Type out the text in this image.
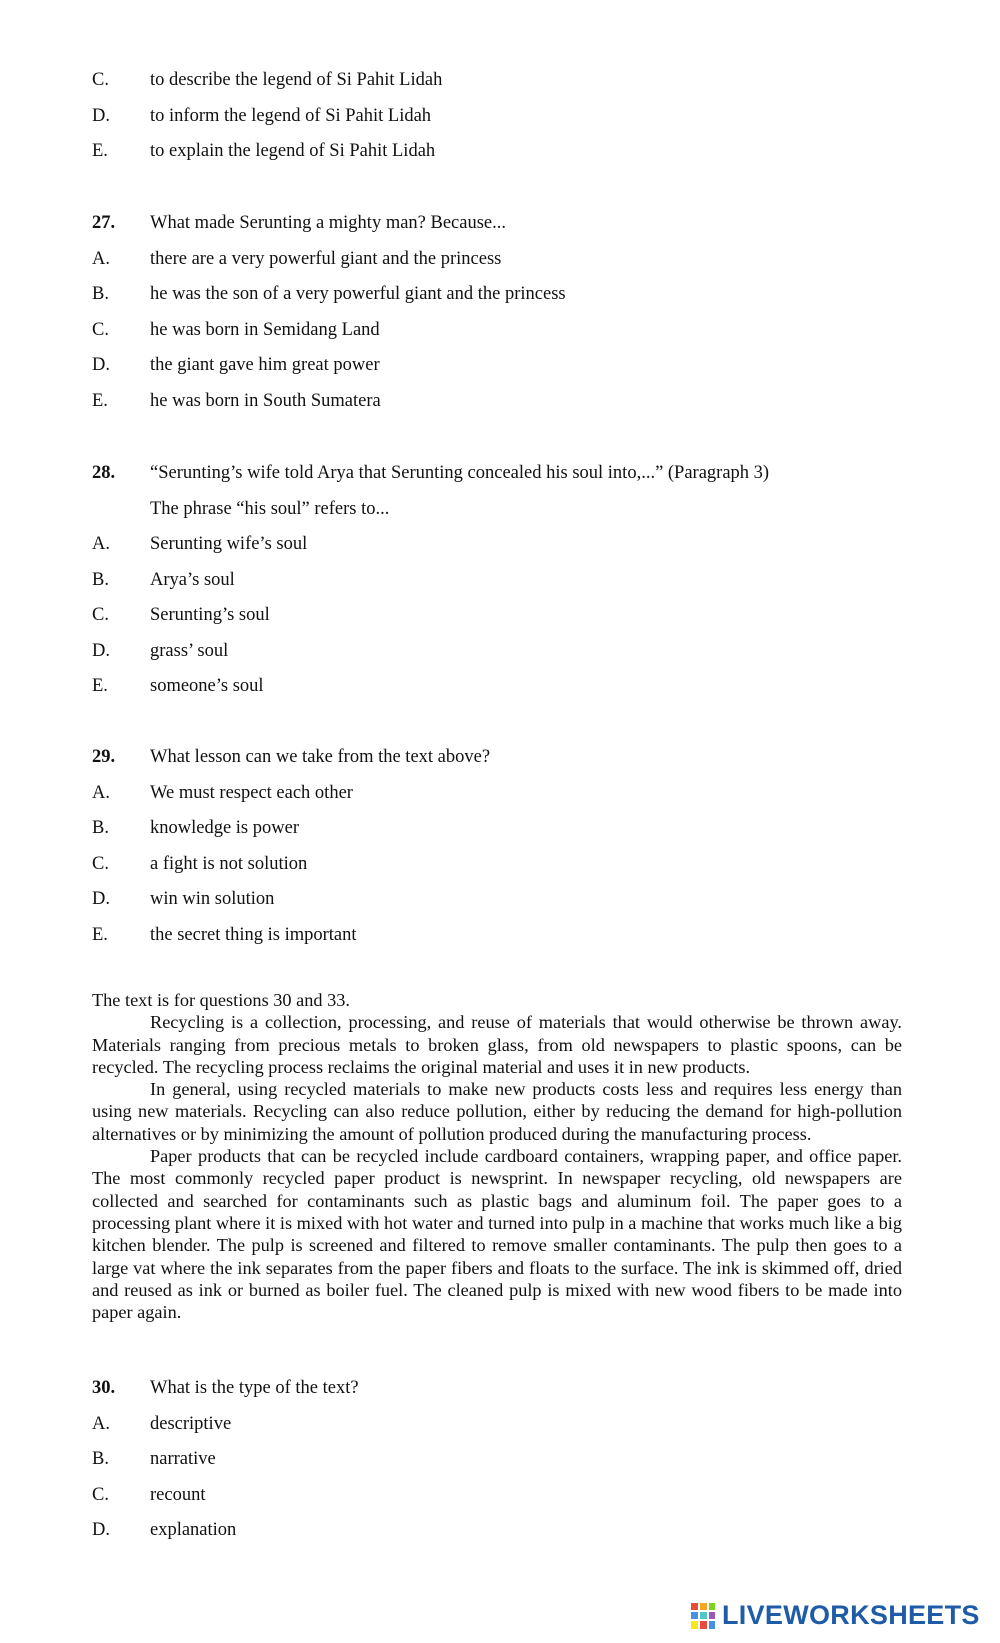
C. to describe the legend of Si Pahit Lidah
D. to inform the legend of Si Pahit Lidah
E. to explain the legend of Si Pahit Lidah
27. What made Serunting a mighty man? Because...
A. there are a very powerful giant and the princess
B. he was the son of a very powerful giant and the princess
C. he was born in Semidang Land
D. the giant gave him great power
E. he was born in South Sumatera
28. “Serunting’s wife told Arya that Serunting concealed his soul into,...” (Paragraph 3)
The phrase “his soul” refers to...
A. Serunting wife’s soul
B. Arya’s soul
C. Serunting’s soul
D. grass’ soul
E. someone’s soul
29. What lesson can we take from the text above?
A. We must respect each other
B. knowledge is power
C. a fight is not solution
D. win win solution
E. the secret thing is important

The text is for questions 30 and 33.

Recycling is a collection, processing, and reuse of materials that would otherwise be thrown away. Materials ranging from precious metals to broken glass, from old newspapers to plastic spoons, can be recycled. The recycling process reclaims the original material and uses it in new products.

In general, using recycled materials to make new products costs less and requires less energy than using new materials. Recycling can also reduce pollution, either by reducing the demand for high-pollution alternatives or by minimizing the amount of pollution produced during the manufacturing process.

Paper products that can be recycled include cardboard containers, wrapping paper, and office paper. The most commonly recycled paper product is newsprint. In newspaper recycling, old newspapers are collected and searched for contaminants such as plastic bags and aluminum foil. The paper goes to a processing plant where it is mixed with hot water and turned into pulp in a machine that works much like a big kitchen blender. The pulp is screened and filtered to remove smaller contaminants. The pulp then goes to a large vat where the ink separates from the paper fibers and floats to the surface. The ink is skimmed off, dried and reused as ink or burned as boiler fuel. The cleaned pulp is mixed with new wood fibers to be made into paper again.

30. What is the type of the text?
A. descriptive
B. narrative
C. recount
D. explanation
LIVEWORKSHEETS
